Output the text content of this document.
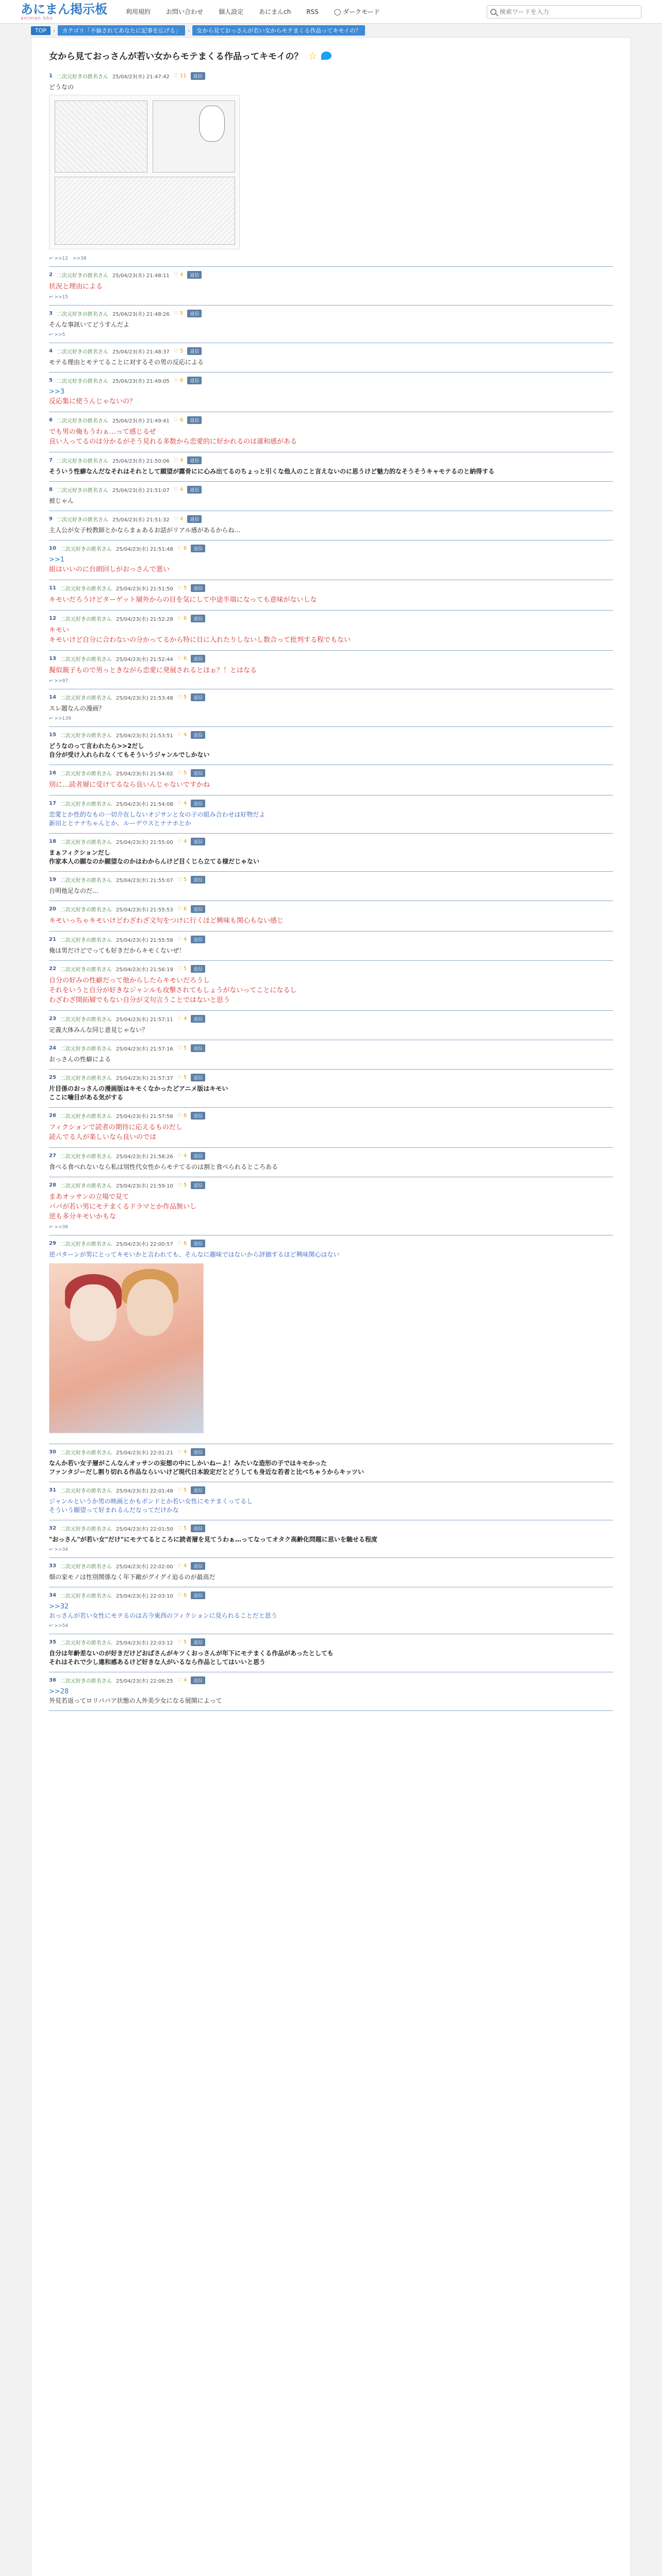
あにまん掲示板
animan bbs
利用規約	お問い合わせ	個人設定	あにまんch	RSS	◯ ダークモード
検索ワードを入力
TOP	›	カテゴリ「不倫されてあなたに記事を広げる」	›	女から見ておっさんが若い女からモテまくる作品ってキモイの？
女から見ておっさんが若い女からモテまくる作品ってキモイの？ ☆
1 二次元好きの匿名さん 25/04/23(水) 21:47:42 ♡ 11	返信
どうなの
↩ >>12　>>38
2 二次元好きの匿名さん 25/04/23(水) 21:48:11 ♡ 4	返信
状況と理由による
↩ >>15
3 二次元好きの匿名さん 25/04/23(水) 21:48:26 ♡ 5	返信
そんな事訊いてどうすんだよ
↩ >>5
4 二次元好きの匿名さん 25/04/23(水) 21:48:37 ♡ 5	返信
モテる理由とモテてることに対するその男の反応による
5 二次元好きの匿名さん 25/04/23(水) 21:49:05 ♡ 6	返信
>>3
反応集に使うんじゃないの？
6 二次元好きの匿名さん 25/04/23(水) 21:49:41 ♡ 6	返信
でも男の俺もうわぁ…って感じるぜ
良い人ってるのは分かるがそう見れる多数から恋愛的に好かれるのは違和感がある
7 二次元好きの匿名さん 25/04/23(水) 21:50:06 ♡ 4	返信
そういう性癖なんだなそれはそれとして願望が露骨にに心み出てるのちょっと引くな他人のこと言えないのに思うけど魅力的なそうそうキャモテるのと納得する
8 二次元好きの匿名さん 25/04/23(水) 21:51:07 ♡ 4	返信
被じゃん
9 二次元好きの匿名さん 25/04/23(水) 21:51:32 ♡ 4	返信
主人公が女子校教師とかならまぁあるお話がリアル感があるからね…
10 二次元好きの匿名さん 25/04/23(水) 21:51:48 ♡ 6	返信
>>1
組はいいのに台朗回しがおっさんで悪い
11 二次元好きの匿名さん 25/04/23(水) 21:51:50 ♡ 5	返信
キモいだろうけどターゲット層外からの目を気にして中途半端になっても意味がないしな
12 二次元好きの匿名さん 25/04/23(水) 21:52:28 ♡ 6	返信
キモい
キモいけど自分に合わないの分かってるから特に目に入れたりしないし数合って批判する程でもない
13 二次元好きの匿名さん 25/04/23(水) 21:52:44 ♡ 6	返信
擬似親子もので男っときながら恋愛に発展されるとほぉ？！とはなる
↩ >>97
14 二次元好きの匿名さん 25/04/23(水) 21:53:48 ♡ 5	返信
スレ題なんの漫画？
↩ >>139
15 二次元好きの匿名さん 25/04/23(水) 21:53:51 ♡ 4	返信
どうなのって言われたら>>2だし
自分が受け入れられなくてもそういうジャンルでしかない
16 二次元好きの匿名さん 25/04/23(水) 21:54:02 ♡ 5	返信
別に…読者層に受けてるなら良いんじゃないですかね
17 二次元好きの匿名さん 25/04/23(水) 21:54:08 ♡ 4	返信
恋愛とか性的なもの一切介在しないオジサンと女の子の組み合わせは好物だよ
新田ととナナちゃんとか、ルーデウスとナナホとか
18 二次元好きの匿名さん 25/04/23(水) 21:55:00 ♡ 4	返信
まぁフィクションだし
作家本人の願なのか願望なのかはわからんけど目くじら立てる様だじゃない
19 二次元好きの匿名さん 25/04/23(水) 21:55:07 ♡ 5	返信
自明他足なのだ…
20 二次元好きの匿名さん 25/04/23(水) 21:55:53 ♡ 6	返信
キモいっちゃキモいけどわざわざ文句をつけに行くほど興味も関心もない感じ
21 二次元好きの匿名さん 25/04/23(水) 21:55:58 ♡ 4	返信
俺は男だけどでっても好きだからキモくないぜ！
22 二次元好きの匿名さん 25/04/23(水) 21:56:19 ♡ 5	返信
自分の好みの性癖だって他からしたらキモいだろうし
それをいうと自分が好きなジャンルも攻撃されてもしょうがないってことになるし
わざわざ開拓層でもない自分が文句言うことではないと思う
23 二次元好きの匿名さん 25/04/23(水) 21:57:11 ♡ 4	返信
定義大体みんな同じ意見じゃない？
24 二次元好きの匿名さん 25/04/23(水) 21:57:16 ♡ 5	返信
おっさんの性癖による
25 二次元好きの匿名さん 25/04/23(水) 21:57:37 ♡ 5	返信
片目係のおっさんの漫画版はキモくなかったどアニメ版はキモい
ここに噛目がある気がする
26 二次元好きの匿名さん 25/04/23(水) 21:57:56 ♡ 6	返信
フィクションで読者の期待に応えるものだし
読んでる人が楽しいなら良いのでは
27 二次元好きの匿名さん 25/04/23(水) 21:58:26 ♡ 4	返信
食べる食べれないなら私は別性代女性からモテてるのは割と食べられるところある
28 二次元好きの匿名さん 25/04/23(水) 21:59:10 ♡ 5	返信
まあオッサンの立場で見て
パパが若い男にモテまくるドラマとか作品無いし
逆も多分キモいかもな
↩ >>36
29 二次元好きの匿名さん 25/04/23(水) 22:00:57 ♡ 6	返信
逆パターンが男にとってキモいかと言われても、そんなに趣味ではないから評価するほど興味関心はない
30 二次元好きの匿名さん 25/04/23(水) 22:01:21 ♡ 4	返信
なんか若い女子層がこんなんオッサンの妄想の中にしかいねーよ！みたいな造形の子ではキモかった
ファンタジーだし割り切れる作品ならいいけど現代日本設定だとどうしても身近な若者と比べちゃうからキッツい
31 二次元好きの匿名さん 25/04/23(水) 22:01:48 ♡ 5	返信
ジャンルというか男の映画とかもボンドとか若い女性にモテまくってるし
そういう願望って好まれるんだなってだけかな
32 二次元好きの匿名さん 25/04/23(水) 22:01:50 ♡ 5	返信
"おっさん"が若い女"だけ"にモテてるところに読者層を見てうわぁ…ってなってオタク高齢化問題に思いを馳せる程度
↩ >>34
33 二次元好きの匿名さん 25/04/23(水) 22:02:00 ♡ 4	返信
畑の家モノは性別関係なく年下敵がグイグイ迫るのが最高だ
34 二次元好きの匿名さん 25/04/23(水) 22:03:10 ♡ 6	返信
>>32
おっさんが若い女性にモテるのは古今東西のフィクションに見られることだと思う
↩ >>54
35 二次元好きの匿名さん 25/04/23(水) 22:03:12 ♡ 5	返信
自分は年齢差ないのが好きだけどおばさんがキツくおっさんが年下にモテまくる作品があったとしても
それはそれで少し違和感あるけど好きな人がいるなら作品としてはいいと思う
36 二次元好きの匿名さん 25/04/23(水) 22:06:25 ♡ 4	返信
>>28
外見若返ってロリババア状態の人外美少女になる展開によって
